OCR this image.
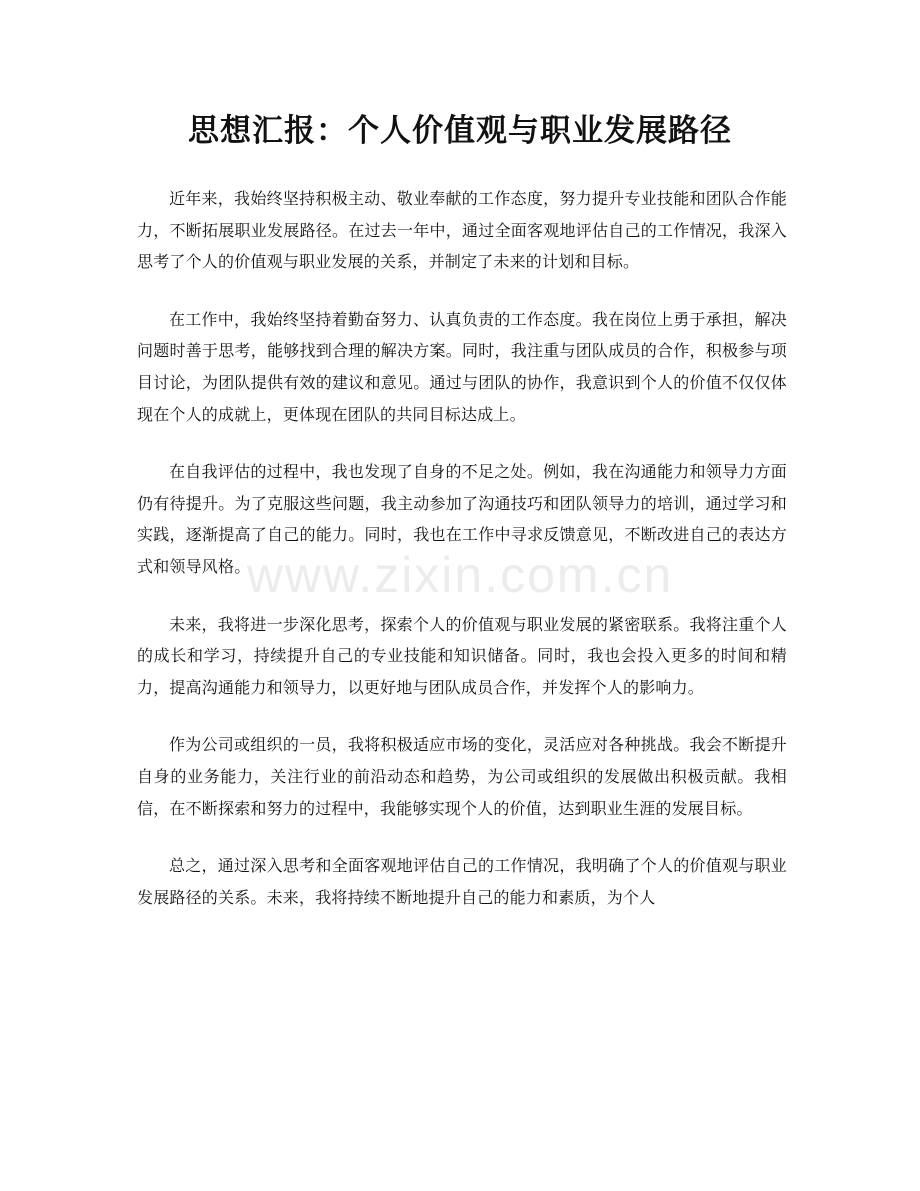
思想汇报：个人价值观与职业发展路径

近年来，我始终坚持积极主动、敬业奉献的工作态度，努力提升专业技能和团队合作能力，不断拓展职业发展路径。在过去一年中，通过全面客观地评估自己的工作情况，我深入思考了个人的价值观与职业发展的关系，并制定了未来的计划和目标。

在工作中，我始终坚持着勤奋努力、认真负责的工作态度。我在岗位上勇于承担，解决问题时善于思考，能够找到合理的解决方案。同时，我注重与团队成员的合作，积极参与项目讨论，为团队提供有效的建议和意见。通过与团队的协作，我意识到个人的价值不仅仅体现在个人的成就上，更体现在团队的共同目标达成上。

在自我评估的过程中，我也发现了自身的不足之处。例如，我在沟通能力和领导力方面仍有待提升。为了克服这些问题，我主动参加了沟通技巧和团队领导力的培训，通过学习和实践，逐渐提高了自己的能力。同时，我也在工作中寻求反馈意见，不断改进自己的表达方式和领导风格。

未来，我将进一步深化思考，探索个人的价值观与职业发展的紧密联系。我将注重个人的成长和学习，持续提升自己的专业技能和知识储备。同时，我也会投入更多的时间和精力，提高沟通能力和领导力，以更好地与团队成员合作，并发挥个人的影响力。

作为公司或组织的一员，我将积极适应市场的变化，灵活应对各种挑战。我会不断提升自身的业务能力，关注行业的前沿动态和趋势，为公司或组织的发展做出积极贡献。我相信，在不断探索和努力的过程中，我能够实现个人的价值，达到职业生涯的发展目标。

总之，通过深入思考和全面客观地评估自己的工作情况，我明确了个人的价值观与职业发展路径的关系。未来，我将持续不断地提升自己的能力和素质，为个人

www.zixin.com.cn
